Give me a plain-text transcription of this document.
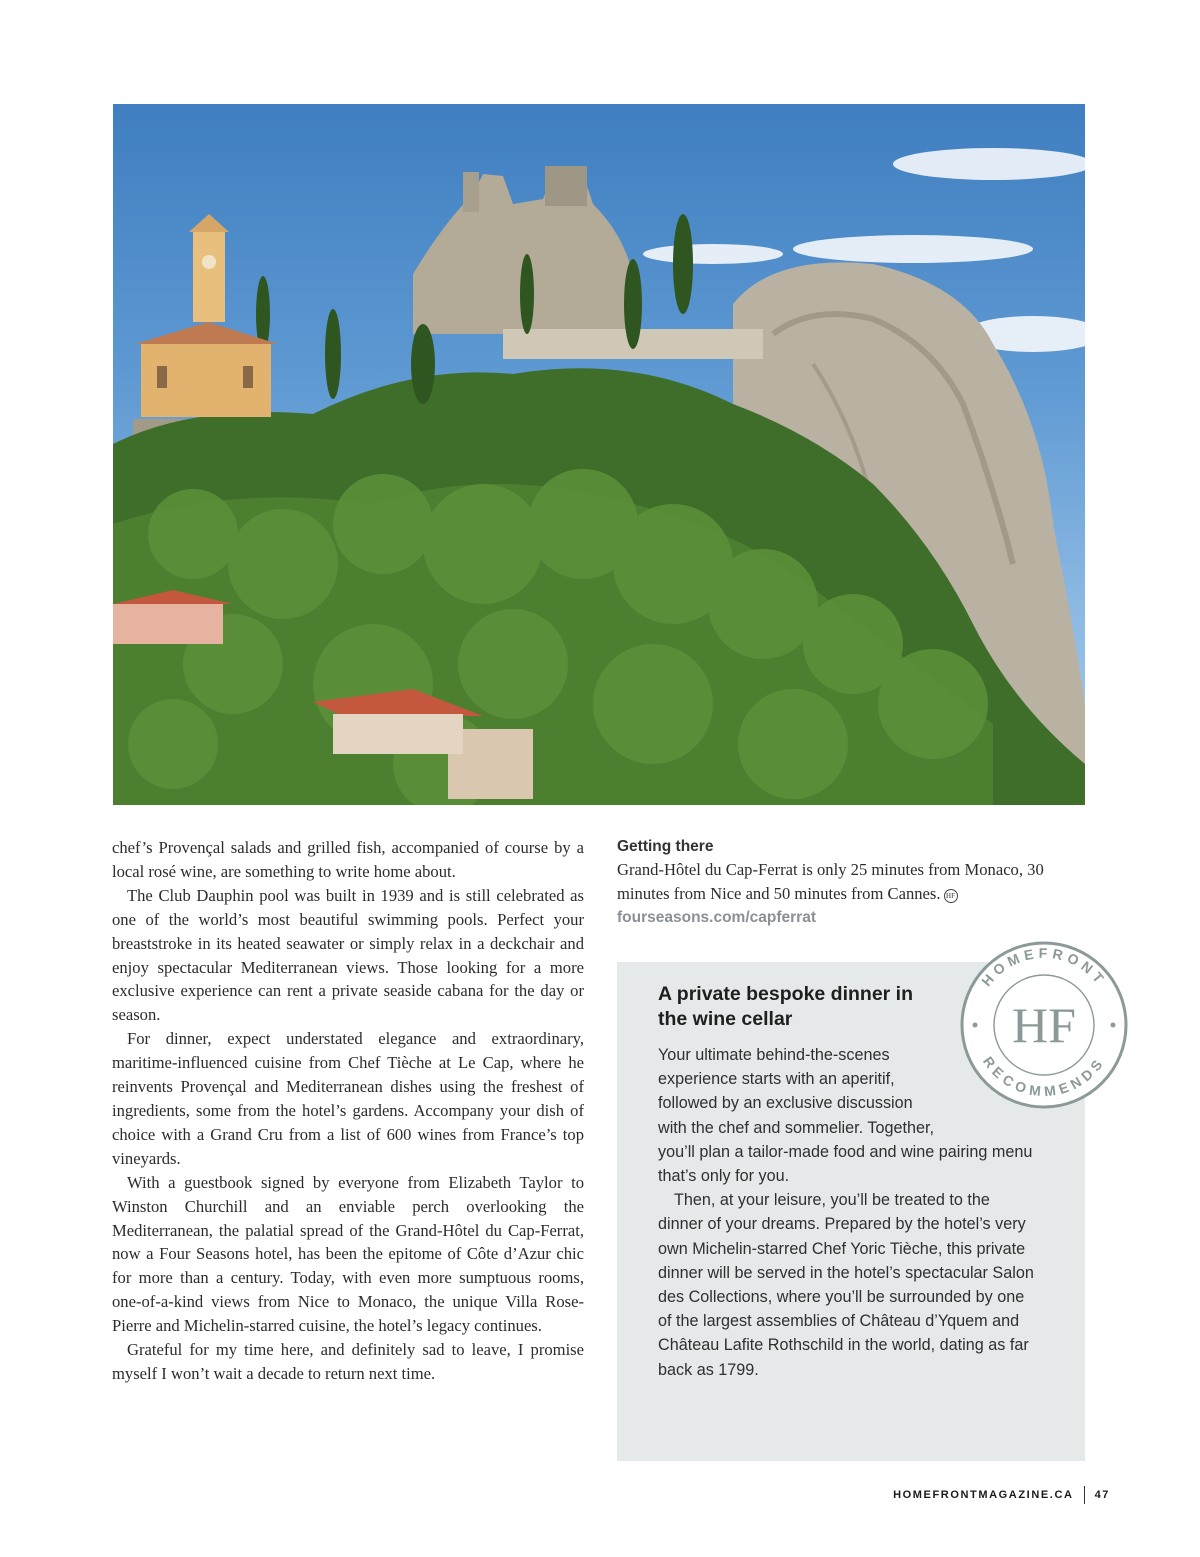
chef’s Provençal salads and grilled fish, accompanied of course by a local rosé wine, are something to write home about.

The Club Dauphin pool was built in 1939 and is still celebrated as one of the world’s most beautiful swimming pools. Perfect your breaststroke in its heated seawater or simply relax in a deckchair and enjoy spectacular Mediterranean views. Those looking for a more exclusive experience can rent a private seaside cabana for the day or season.

For dinner, expect understated elegance and extraordinary, maritime-influenced cuisine from Chef Tièche at Le Cap, where he reinvents Provençal and Mediterranean dishes using the freshest of ingredients, some from the hotel’s gardens. Accompany your dish of choice with a Grand Cru from a list of 600 wines from France’s top vineyards.

With a guestbook signed by everyone from Elizabeth Taylor to Winston Churchill and an enviable perch overlooking the Mediterranean, the palatial spread of the Grand-Hôtel du Cap-Ferrat, now a Four Seasons hotel, has been the epitome of Côte d’Azur chic for more than a century. Today, with even more sumptuous rooms, one-of-a-kind views from Nice to Monaco, the unique Villa Rose-Pierre and Michelin-starred cuisine, the hotel’s legacy continues.

Grateful for my time here, and definitely sad to leave, I promise myself I won’t wait a decade to return next time.

Getting there

Grand-Hôtel du Cap-Ferrat is only 25 minutes from Monaco, 30 minutes from Nice and 50 minutes from Cannes. HF

fourseasons.com/capferrat
A private bespoke dinner in the wine cellar

Your ultimate behind-the-scenes experience starts with an aperitif, followed by an exclusive discussion with the chef and sommelier. Together, you’ll plan a tailor-made food and wine pairing menu that’s only for you.

Then, at your leisure, you’ll be treated to the dinner of your dreams. Prepared by the hotel’s very own Michelin-starred Chef Yoric Tièche, this private dinner will be served in the hotel’s spectacular Salon des Collections, where you’ll be surrounded by one of the largest assemblies of Château d’Yquem and Château Lafite Rothschild in the world, dating as far back as 1799.

HOMEFRONT
RECOMMENDS
HF
HOMEFRONTMAGAZINE.CA 47
